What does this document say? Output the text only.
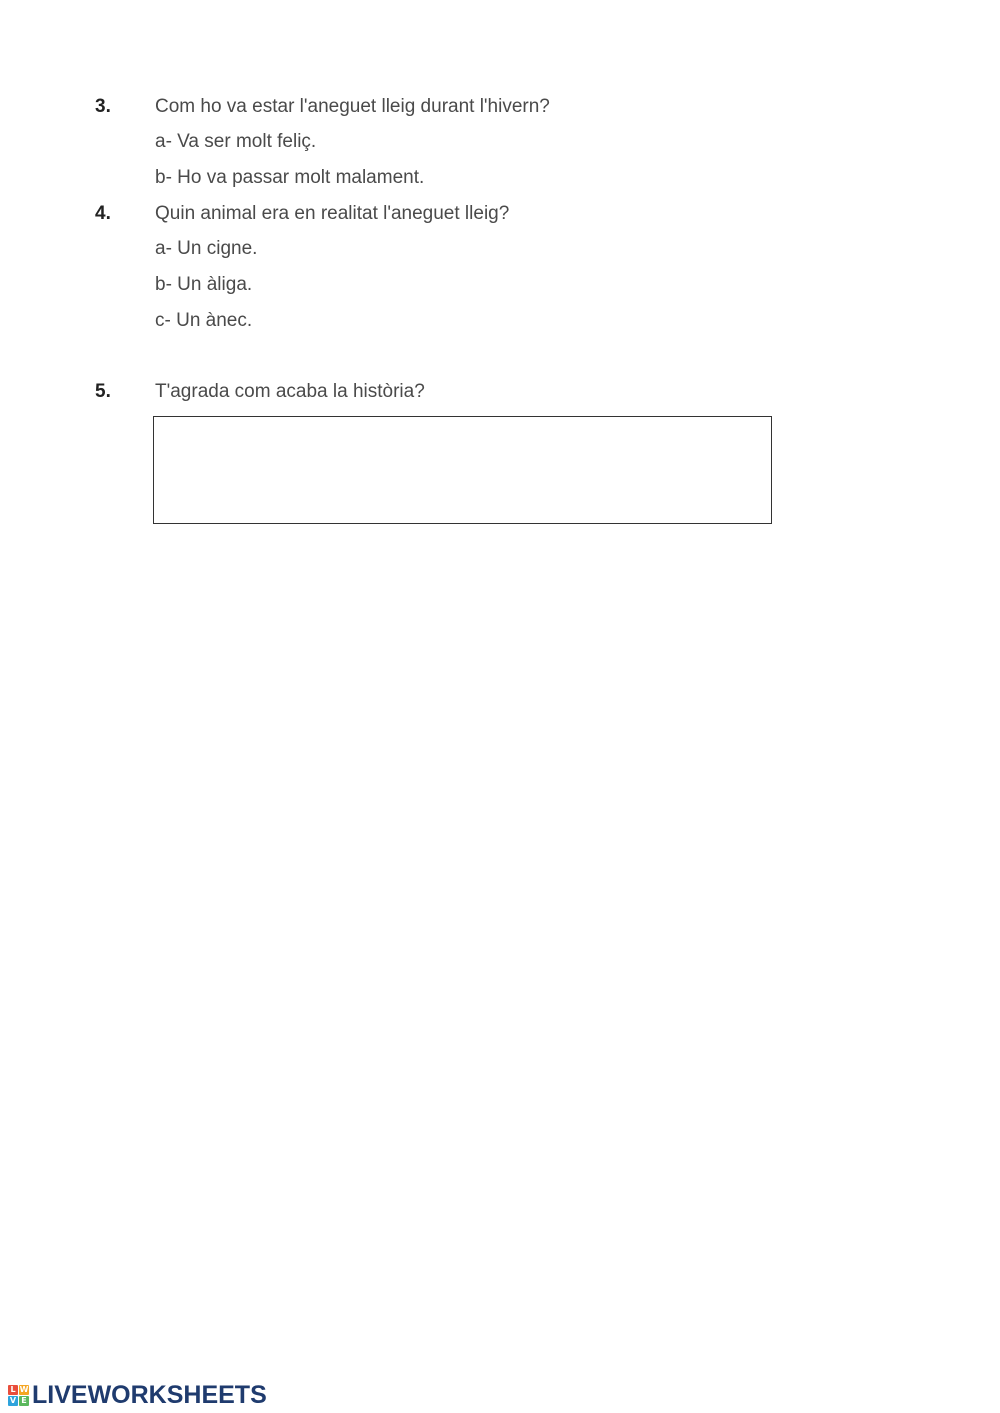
3. Com ho va estar l'aneguet lleig durant l'hivern?
a- Va ser molt feliç.
b- Ho va passar molt malament.
4. Quin animal era en realitat l'aneguet lleig?
a- Un cigne.
b- Un àliga.
c- Un ànec.
5. T'agrada com acaba la història?
L W
V E LIVEWORKSHEETS
